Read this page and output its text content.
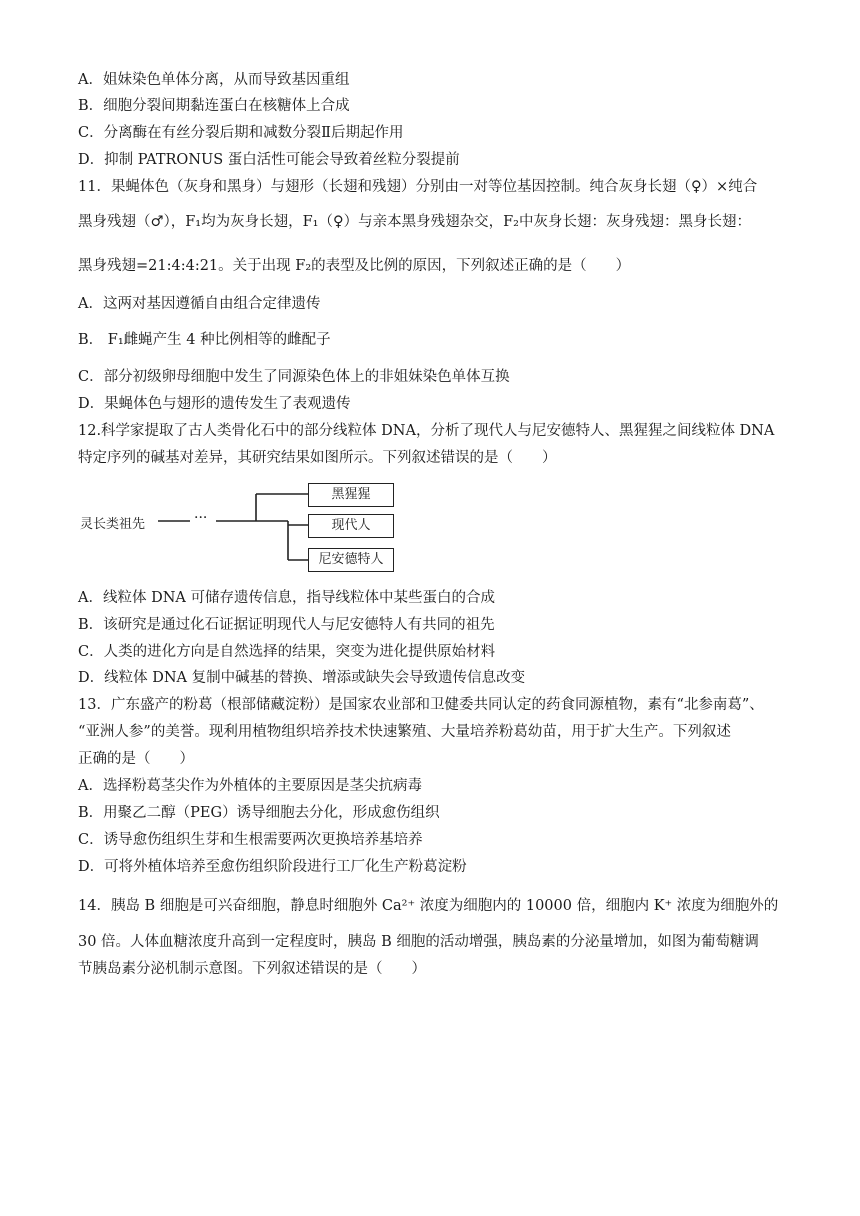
A．姐妹染色单体分离，从而导致基因重组
B．细胞分裂间期黏连蛋白在核糖体上合成
C．分离酶在有丝分裂后期和减数分裂Ⅱ后期起作用
D．抑制 PATRONUS 蛋白活性可能会导致着丝粒分裂提前
11．果蝇体色（灰身和黑身）与翅形（长翅和残翅）分别由一对等位基因控制。纯合灰身长翅（♀）×纯合
黑身残翅（♂），F₁均为灰身长翅，F₁（♀）与亲本黑身残翅杂交，F₂中灰身长翅：灰身残翅：黑身长翅：
黑身残翅=21:4:4:21。关于出现 F₂的表型及比例的原因，下列叙述正确的是（　　）
A．这两对基因遵循自由组合定律遗传
B． F₁雌蝇产生 4 种比例相等的雌配子
C．部分初级卵母细胞中发生了同源染色体上的非姐妹染色单体互换
D．果蝇体色与翅形的遗传发生了表观遗传
12.科学家提取了古人类骨化石中的部分线粒体 DNA，分析了现代人与尼安德特人、黑猩猩之间线粒体 DNA
特定序列的碱基对差异，其研究结果如图所示。下列叙述错误的是（　　）
灵长类祖先	···
黑猩猩
现代人
尼安德特人
A．线粒体 DNA 可储存遗传信息，指导线粒体中某些蛋白的合成
B．该研究是通过化石证据证明现代人与尼安德特人有共同的祖先
C．人类的进化方向是自然选择的结果，突变为进化提供原始材料
D．线粒体 DNA 复制中碱基的替换、增添或缺失会导致遗传信息改变
13．广东盛产的粉葛（根部储藏淀粉）是国家农业部和卫健委共同认定的药食同源植物，素有“北参南葛”、
“亚洲人参”的美誉。现利用植物组织培养技术快速繁殖、大量培养粉葛幼苗，用于扩大生产。下列叙述
正确的是（　　）
A．选择粉葛茎尖作为外植体的主要原因是茎尖抗病毒
B．用聚乙二醇（PEG）诱导细胞去分化，形成愈伤组织
C．诱导愈伤组织生芽和生根需要两次更换培养基培养
D．可将外植体培养至愈伤组织阶段进行工厂化生产粉葛淀粉
14．胰岛 B 细胞是可兴奋细胞，静息时细胞外 Ca²⁺ 浓度为细胞内的 10000 倍，细胞内 K⁺ 浓度为细胞外的
30 倍。人体血糖浓度升高到一定程度时，胰岛 B 细胞的活动增强，胰岛素的分泌量增加，如图为葡萄糖调
节胰岛素分泌机制示意图。下列叙述错误的是（　　）
